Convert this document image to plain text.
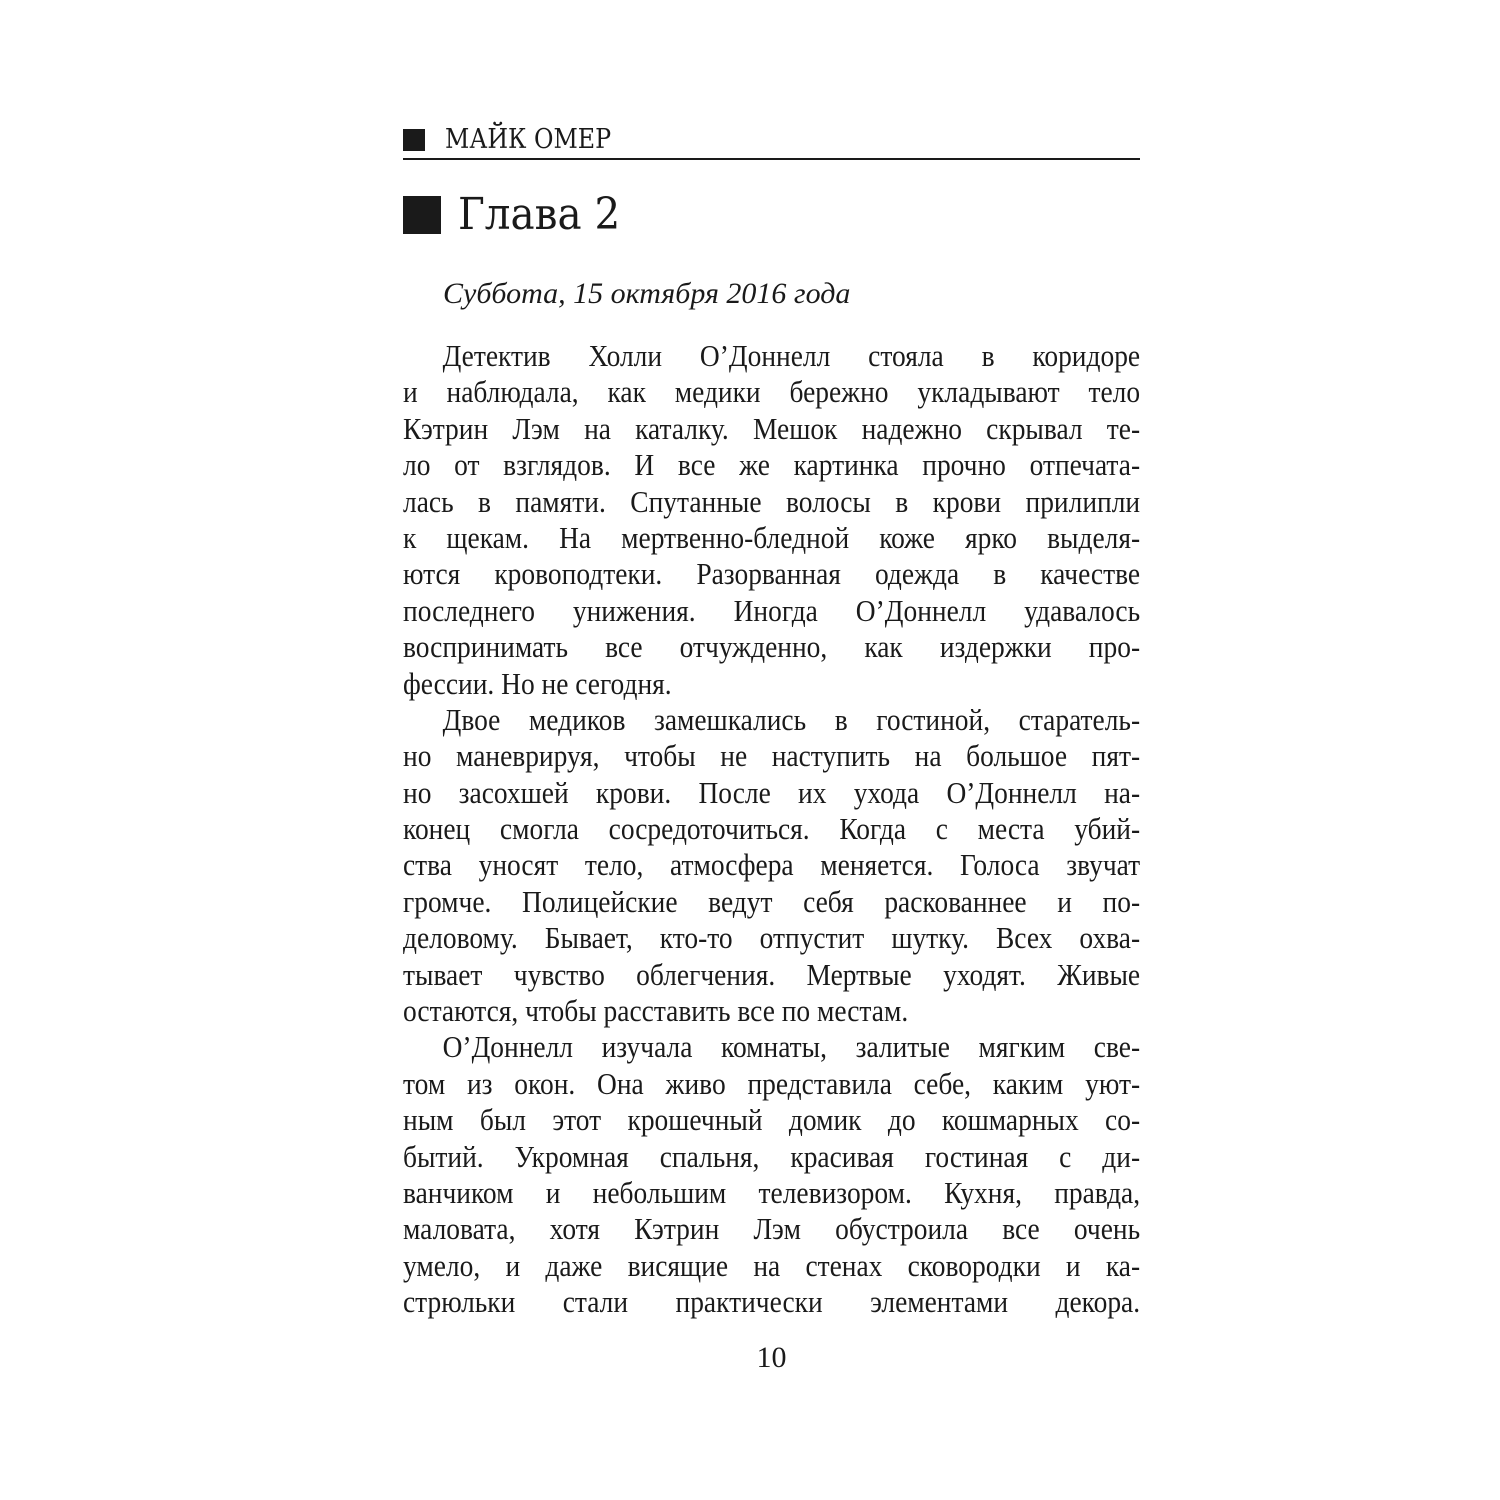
МАЙК ОМЕР
Глава 2
Суббота, 15 октября 2016 года
Детектив Холли О’Доннелл стояла в коридоре
и наблюдала, как медики бережно укладывают тело
Кэтрин Лэм на каталку. Мешок надежно скрывал те-
ло от взглядов. И все же картинка прочно отпечата-
лась в памяти. Спутанные волосы в крови прилипли
к щекам. На мертвенно-бледной коже ярко выделя-
ются кровоподтеки. Разорванная одежда в качестве
последнего унижения. Иногда О’Доннелл удавалось
воспринимать все отчужденно, как издержки про-
фессии. Но не сегодня.
Двое медиков замешкались в гостиной, старатель-
но маневрируя, чтобы не наступить на большое пят-
но засохшей крови. После их ухода О’Доннелл на-
конец смогла сосредоточиться. Когда с места убий-
ства уносят тело, атмосфера меняется. Голоса звучат
громче. Полицейские ведут себя раскованнее и по-
деловому. Бывает, кто-то отпустит шутку. Всех охва-
тывает чувство облегчения. Мертвые уходят. Живые
остаются, чтобы расставить все по местам.
О’Доннелл изучала комнаты, залитые мягким све-
том из окон. Она живо представила себе, каким уют-
ным был этот крошечный домик до кошмарных со-
бытий. Укромная спальня, красивая гостиная с ди-
ванчиком и небольшим телевизором. Кухня, правда,
маловата, хотя Кэтрин Лэм обустроила все очень
умело, и даже висящие на стенах сковородки и ка-
стрюльки стали практически элементами декора.
10
